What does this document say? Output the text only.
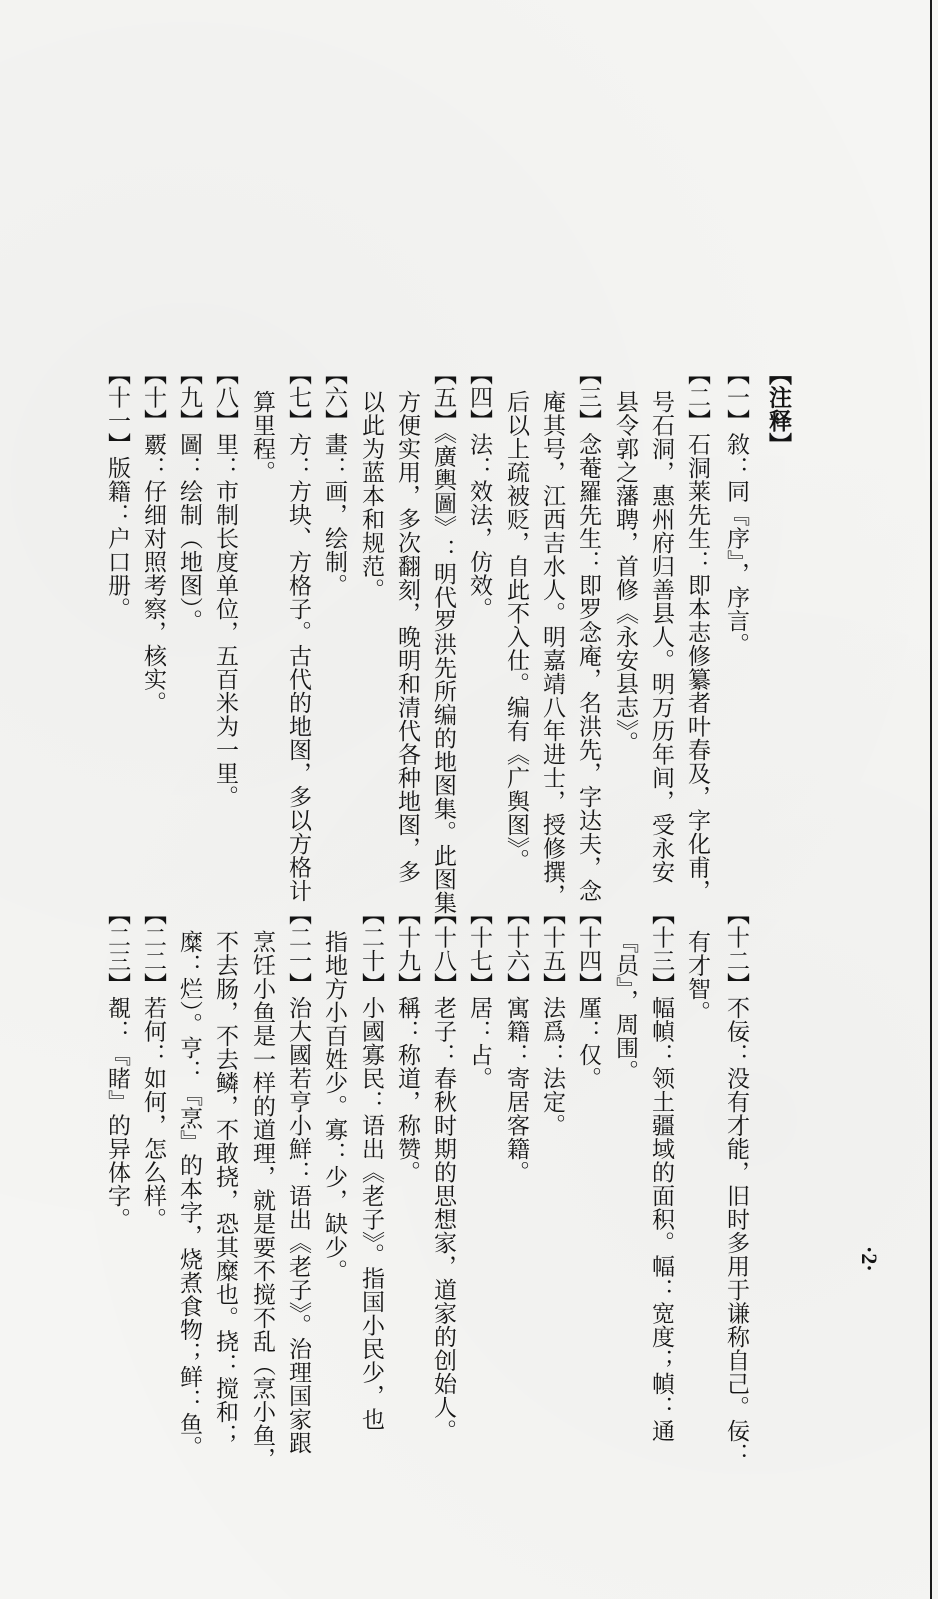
【注释】
【一】敘：同『序』，序言。
【二】石洞莱先生：即本志修纂者叶春及，字化甫，
号石洞，惠州府归善县人。明万历年间，受永安
县令郭之藩聘，首修《永安县志》。
【三】念菴羅先生：即罗念庵，名洪先，字达夫，念
庵其号，江西吉水人。明嘉靖八年进士，授修撰，
后以上疏被贬，自此不入仕。编有《广舆图》。
【四】法：效法，仿效。
【五】《廣輿圖》：明代罗洪先所编的地图集。此图集
方便实用，多次翻刻，晚明和清代各种地图，多
以此为蓝本和规范。
【六】畫：画，绘制。
【七】方：方块、方格子。古代的地图，多以方格计
算里程。
【八】里：市制长度单位，五百米为一里。
【九】圖：绘制（地图）。
【十】覈：仔细对照考察，核实。
【十一】版籍：户口册。
【十二】不佞：没有才能，旧时多用于谦称自己。佞：
有才智。
【十三】幅幀：领土疆域的面积。幅：宽度；幀：通
『员』，周围。
【十四】厪：仅。
【十五】法爲：法定。
【十六】寓籍：寄居客籍。
【十七】居：占。
【十八】老子：春秋时期的思想家，道家的创始人。
【十九】稱：称道，称赞。
【二十】小國寡民：语出《老子》。指国小民少，也
指地方小百姓少。寡：少，缺少。
【二一】治大國若亨小鮮：语出《老子》。治理国家跟
烹饪小鱼是一样的道理，就是要不搅不乱（烹小鱼，
不去肠，不去鳞，不敢挠，恐其糜也。挠：搅和；
糜：烂）。亨：『烹』的本字，烧煮食物；鲜：鱼。
【二二】若何：如何，怎么样。
【二三】覩：『睹』的异体字。
·2·
